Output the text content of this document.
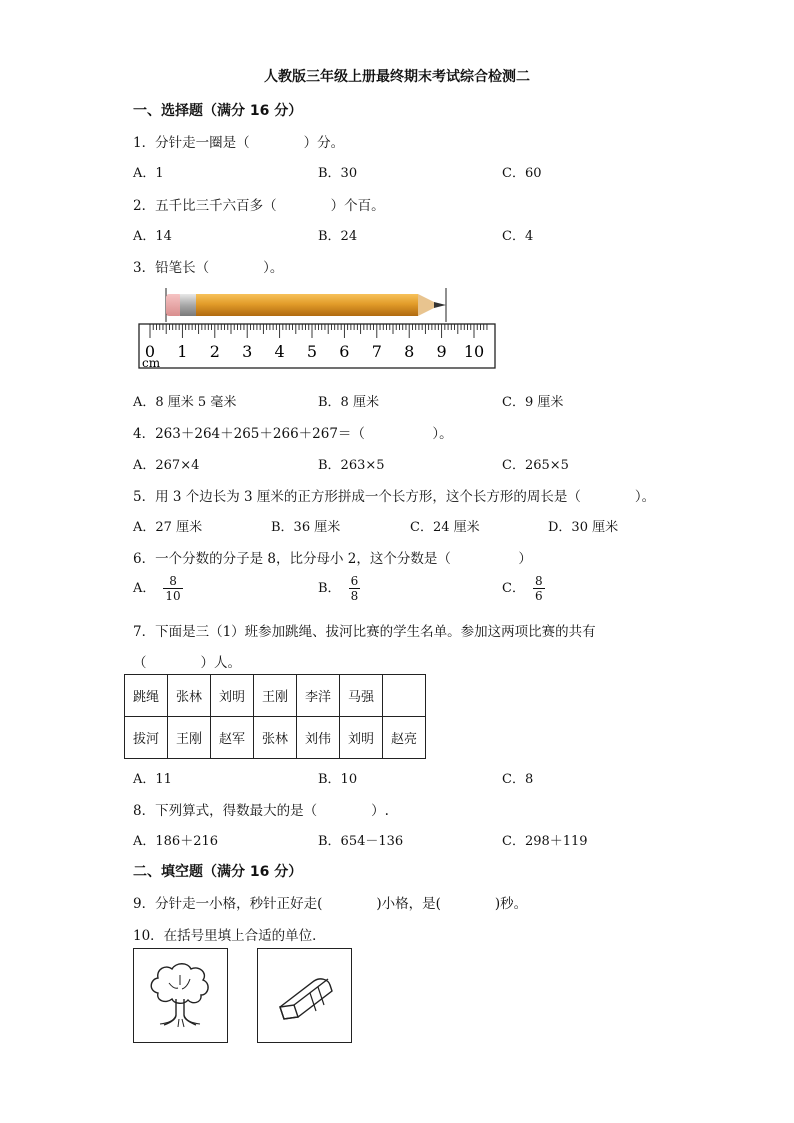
人教版三年级上册最终期末考试综合检测二
一、选择题（满分 16 分）
1．分针走一圈是（　　　　）分。
A．1	B．30	C．60
2．五千比三千六百多（　　　　）个百。
A．14	B．24	C．4
3．铅笔长（　　　　）。
0 1 2 3 4 5 6 7 8 9 10
cm
A．8 厘米 5 毫米	B．8 厘米	C．9 厘米
4．263＋264＋265＋266＋267＝（　　　　　）。
A．267×4	B．263×5	C．265×5
5．用 3 个边长为 3 厘米的正方形拼成一个长方形，这个长方形的周长是（　　　　）。
A．27 厘米	B．36 厘米	C．24 厘米	D．30 厘米
6．一个分数的分子是 8，比分母小 2，这个分数是（　　　　　）
A． $\frac{8}{10}$	B． $\frac{6}{8}$	C． $\frac{8}{6}$
7．下面是三（1）班参加跳绳、拔河比赛的学生名单。参加这两项比赛的共有
（　　　　）人。
跳绳	张林	刘明	王刚	李洋	马强	
拔河	王刚	赵军	张林	刘伟	刘明	赵亮
A．11	B．10	C．8
8．下列算式，得数最大的是（　　　　）.
A．186＋216	B．654－136	C．298＋119
二、填空题（满分 16 分）
9．分针走一小格，秒针正好走(　　　　)小格，是(　　　　)秒。
10．在括号里填上合适的单位．
